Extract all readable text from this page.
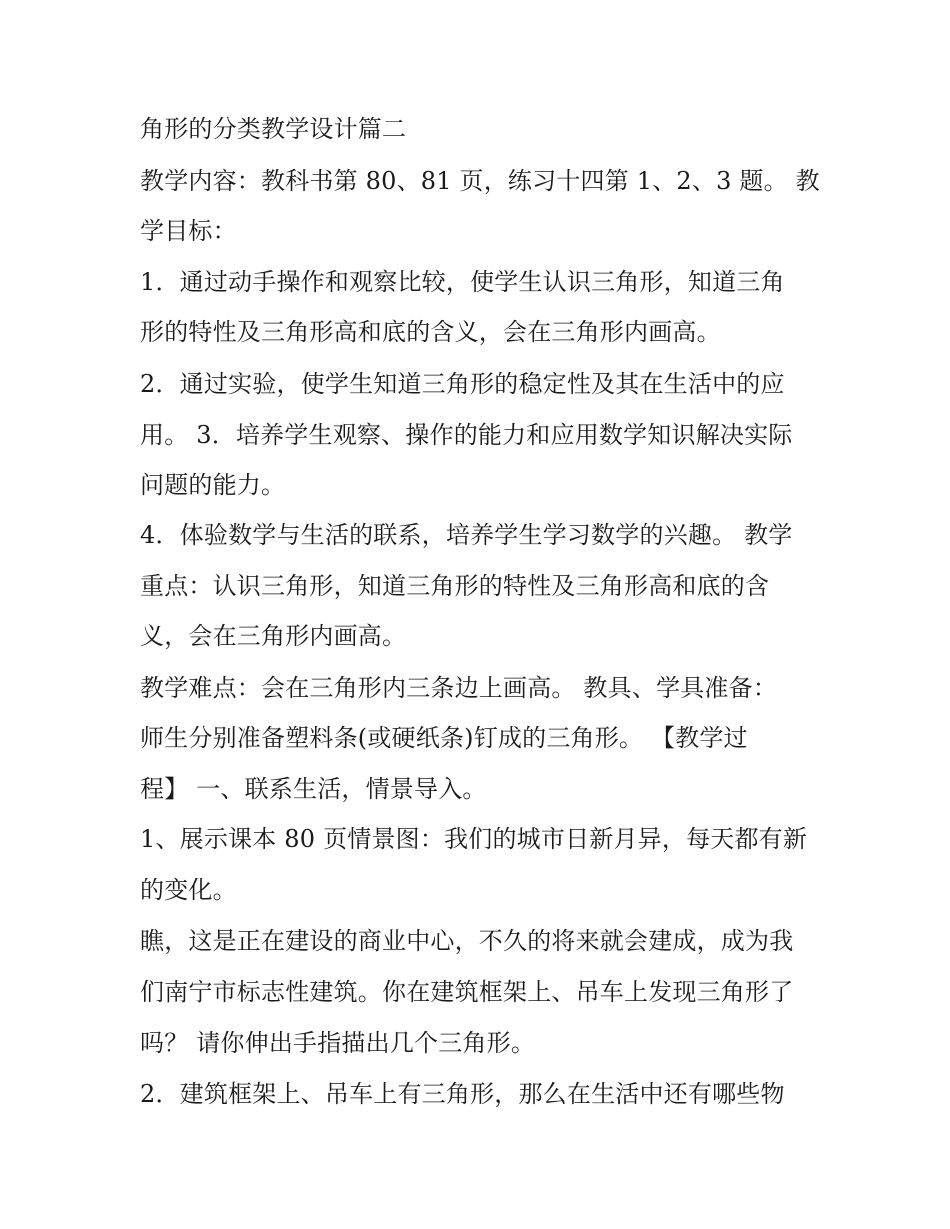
角形的分类教学设计篇二
教学内容：教科书第 80、81 页，练习十四第 1、2、3 题。 教
学目标：
1．通过动手操作和观察比较，使学生认识三角形，知道三角
形的特性及三角形高和底的含义，会在三角形内画高。
2．通过实验，使学生知道三角形的稳定性及其在生活中的应
用。 3．培养学生观察、操作的能力和应用数学知识解决实际
问题的能力。
4．体验数学与生活的联系，培养学生学习数学的兴趣。 教学
重点：认识三角形，知道三角形的特性及三角形高和底的含
义，会在三角形内画高。
教学难点：会在三角形内三条边上画高。 教具、学具准备：
师生分别准备塑料条(或硬纸条)钉成的三角形。 【教学过
程】 一、联系生活，情景导入。
1、展示课本 80 页情景图：我们的城市日新月异，每天都有新
的变化。
瞧，这是正在建设的商业中心，不久的将来就会建成，成为我
们南宁市标志性建筑。你在建筑框架上、吊车上发现三角形了
吗？ 请你伸出手指描出几个三角形。
2．建筑框架上、吊车上有三角形，那么在生活中还有哪些物
